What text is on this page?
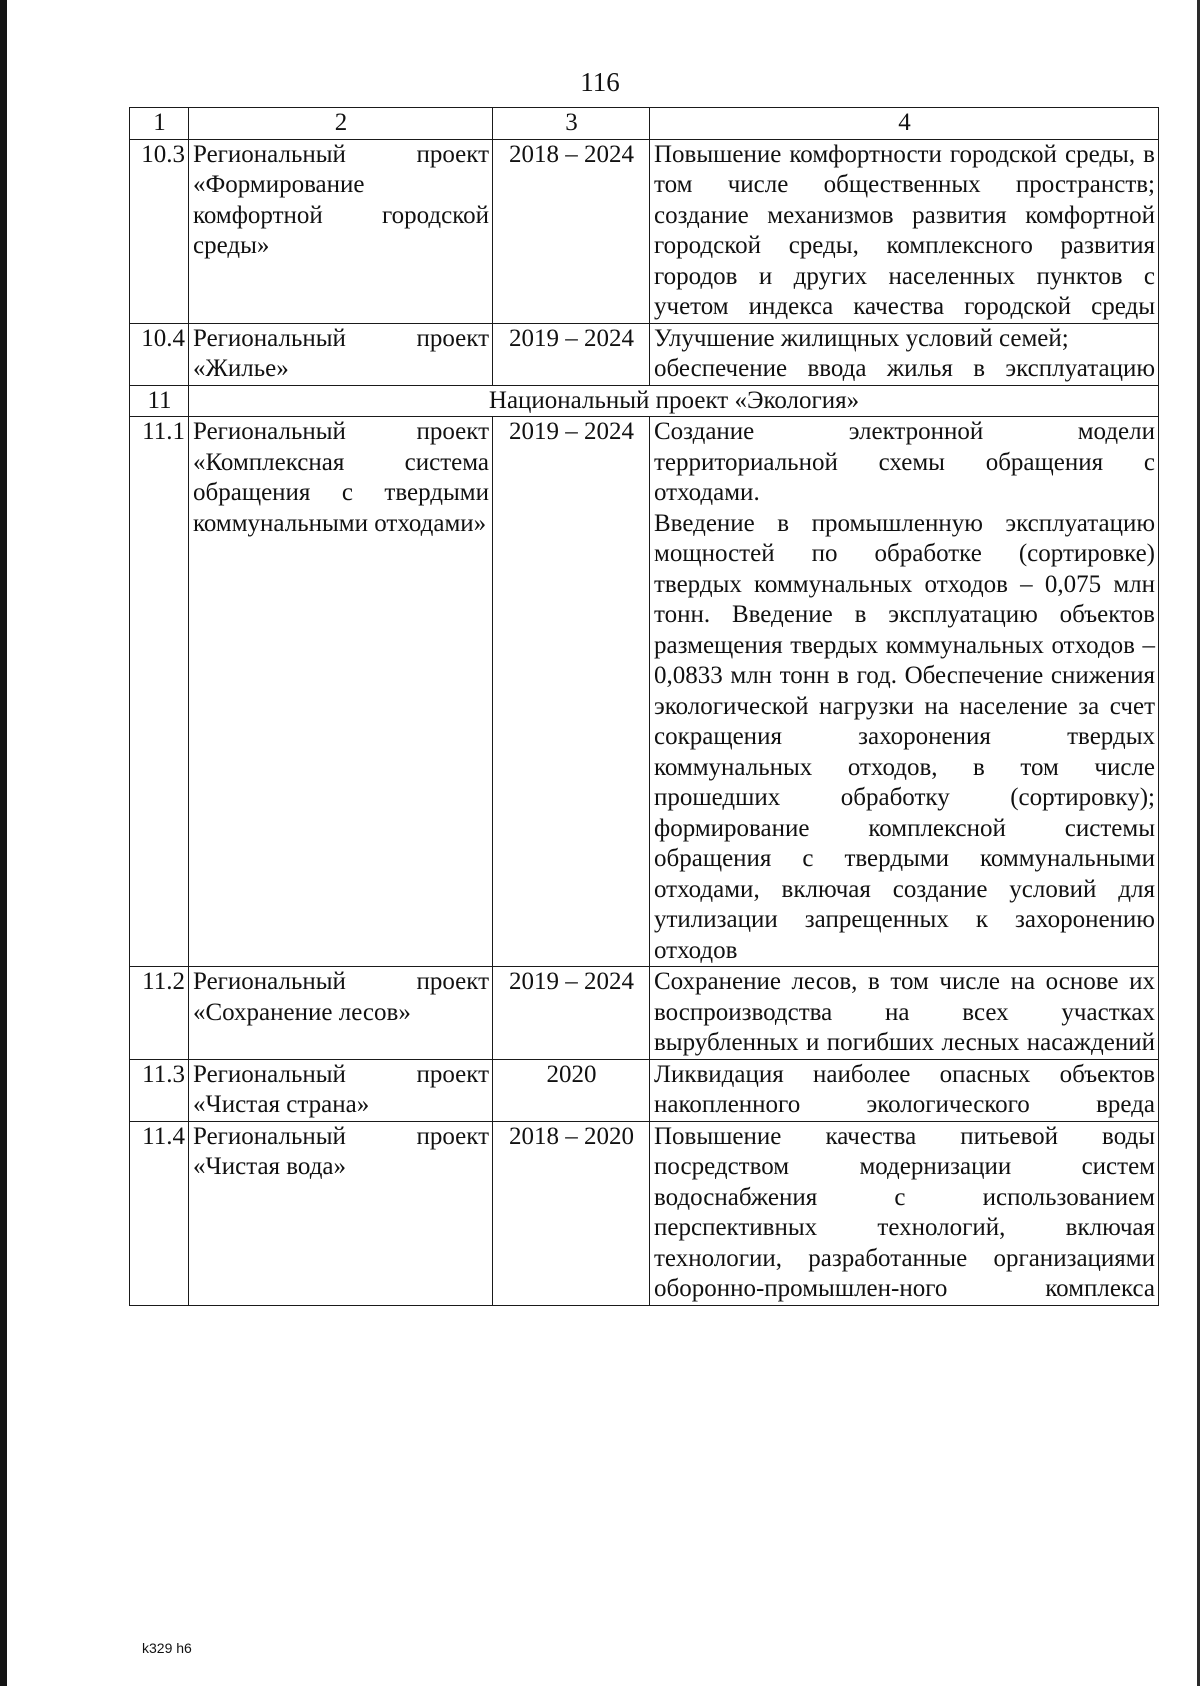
116
1	2	3	4
10.3	Региональный проект «Формирование комфортной городской среды»	2018 – 2024	Повышение комфортности городской среды, в том числе общественных пространств;
создание механизмов развития комфортной городской среды, комплексного развития городов и других населенных пунктов с учетом индекса качества городской среды

10.4	Региональный проект «Жилье»	2019 – 2024	Улучшение жилищных условий семей;
обеспечение ввода жилья в эксплуатацию

11	Национальный проект «Экология»		
11.1	Региональный проект «Комплексная система обращения с твердыми коммунальными отходами»	2019 – 2024	Создание электронной модели территориальной схемы обращения с отходами.
Введение в промышленную эксплуатацию мощностей по обработке (сортировке) твердых коммунальных отходов – 0,075 млн тонн. Введение в эксплуатацию объектов размещения твердых коммунальных отходов – 0,0833 млн тонн в год. Обеспечение снижения экологической нагрузки на население за счет сокращения захоронения твердых коммунальных отходов, в том числе прошедших обработку (сортировку);
формирование комплексной системы обращения с твердыми коммунальными отходами, включая создание условий для утилизации запрещенных к захоронению отходов

11.2	Региональный проект «Сохранение лесов»	2019 – 2024	Сохранение лесов, в том числе на основе их воспроизводства на всех участках вырубленных и погибших лесных насаждений

11.3	Региональный проект «Чистая страна»	2020	Ликвидация наиболее опасных объектов накопленного экологического вреда

11.4	Региональный проект «Чистая вода»	2018 – 2020	Повышение качества питьевой воды посредством модернизации систем водоснабжения с использованием перспективных технологий, включая технологии, разработанные организациями оборонно-промышлен-ного комплекса
k329 h6
